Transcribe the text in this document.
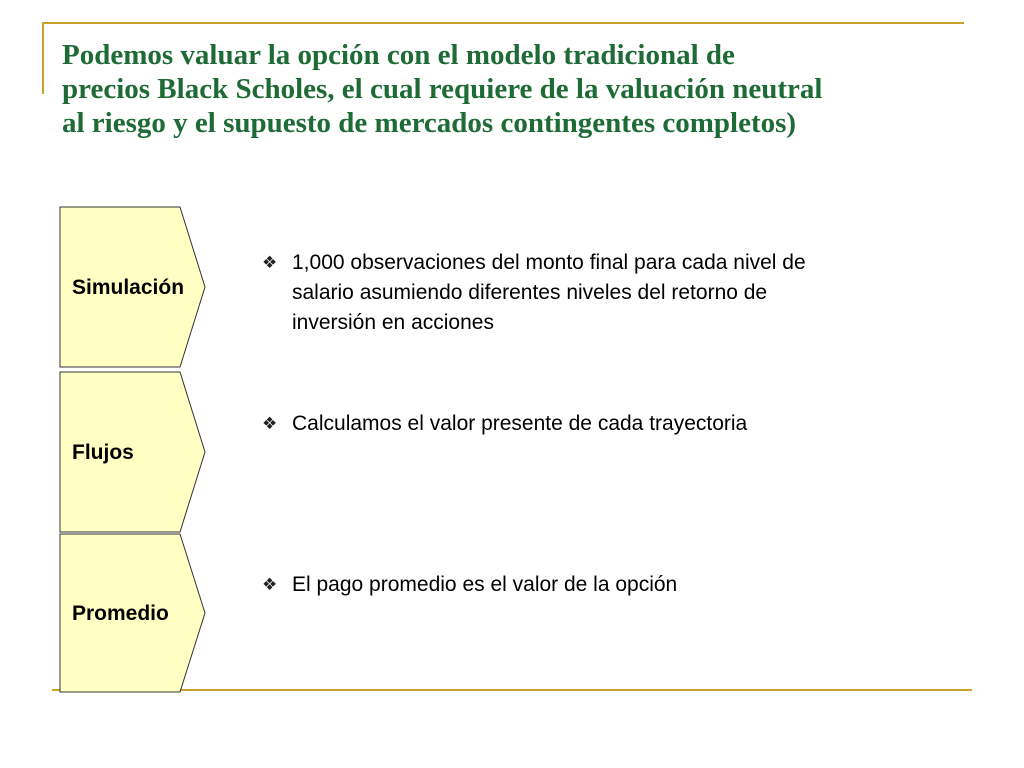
Podemos valuar la opción con el modelo tradicional de
precios Black Scholes, el cual requiere de la valuación neutral
al riesgo y el supuesto de mercados contingentes completos)

Simulación

Flujos

Promedio

❖ 1,000 observaciones del monto final para cada nivel de
salario asumiendo diferentes niveles del retorno de
inversión en acciones
❖ Calculamos el valor presente de cada trayectoria
❖ El pago promedio es el valor de la opción
